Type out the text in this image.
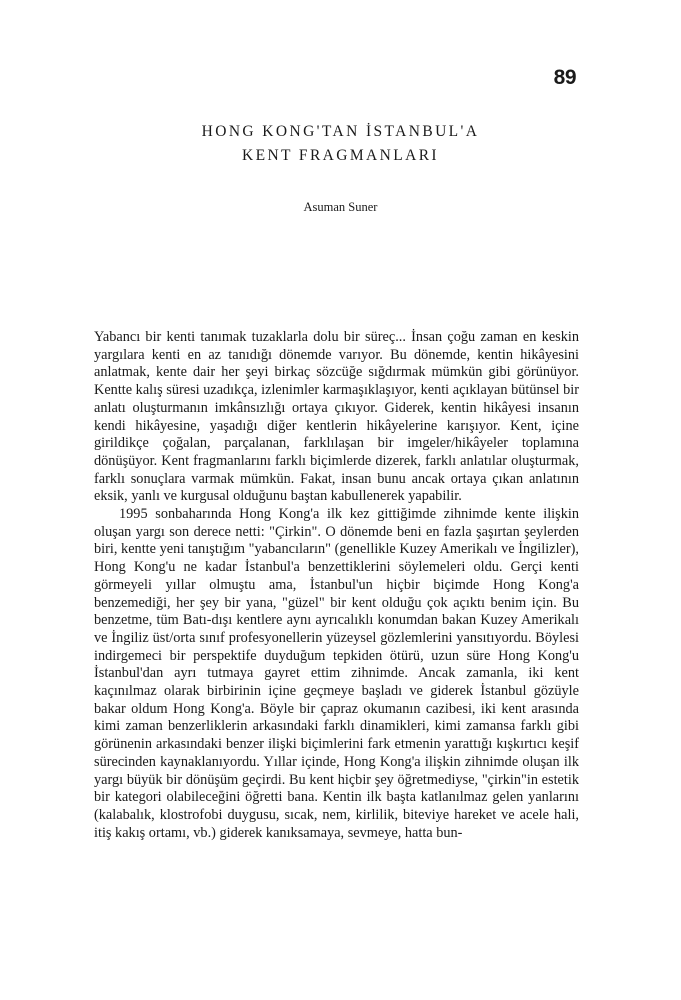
89
HONG KONG'TAN İSTANBUL'A
KENT FRAGMANLARI
Asuman Suner

Yabancı bir kenti tanımak tuzaklarla dolu bir süreç... İnsan çoğu zaman en keskin yargılara kenti en az tanıdığı dönemde varıyor. Bu dönemde, kentin hikâyesini anlatmak, kente dair her şeyi birkaç sözcüğe sığdırmak mümkün gibi görünüyor. Kentte kalış süresi uzadıkça, izlenimler karmaşıklaşıyor, kenti açıklayan bütünsel bir anlatı oluşturmanın imkânsızlığı ortaya çıkıyor. Giderek, kentin hikâyesi insanın kendi hikâyesine, yaşadığı diğer kentlerin hikâyelerine karışıyor. Kent, içine girildikçe çoğalan, parçalanan, farklılaşan bir imgeler/hikâyeler toplamına dönüşüyor. Kent fragmanlarını farklı biçimlerde dizerek, farklı anlatılar oluşturmak, farklı sonuçlara varmak mümkün. Fakat, insan bunu ancak ortaya çıkan anlatının eksik, yanlı ve kurgusal olduğunu baştan kabullenerek yapabilir.

1995 sonbaharında Hong Kong'a ilk kez gittiğimde zihnimde kente ilişkin oluşan yargı son derece netti: "Çirkin". O dönemde beni en fazla şaşırtan şeylerden biri, kentte yeni tanıştığım "yabancıların" (genellikle Kuzey Amerikalı ve İngilizler), Hong Kong'u ne kadar İstanbul'a benzettiklerini söylemeleri oldu. Gerçi kenti görmeyeli yıllar olmuştu ama, İstanbul'un hiçbir biçimde Hong Kong'a benzemediği, her şey bir yana, "güzel" bir kent olduğu çok açıktı benim için. Bu benzetme, tüm Batı-dışı kentlere aynı ayrıcalıklı konumdan bakan Kuzey Amerikalı ve İngiliz üst/orta sınıf profesyonellerin yüzeysel gözlemlerini yansıtıyordu. Böylesi indirgemeci bir perspektife duyduğum tepkiden ötürü, uzun süre Hong Kong'u İstanbul'dan ayrı tutmaya gayret ettim zihnimde. Ancak zamanla, iki kent kaçınılmaz olarak birbirinin içine geçmeye başladı ve giderek İstanbul gözüyle bakar oldum Hong Kong'a. Böyle bir çapraz okumanın cazibesi, iki kent arasında kimi zaman benzerliklerin arkasındaki farklı dinamikleri, kimi zamansa farklı gibi görünenin arkasındaki benzer ilişki biçimlerini fark etmenin yarattığı kışkırtıcı keşif sürecinden kaynaklanıyordu. Yıllar içinde, Hong Kong'a ilişkin zihnimde oluşan ilk yargı büyük bir dönüşüm geçirdi. Bu kent hiçbir şey öğretmediyse, "çirkin"in estetik bir kategori olabileceğini öğretti bana. Kentin ilk başta katlanılmaz gelen yanlarını (kalabalık, klostrofobi duygusu, sıcak, nem, kirlilik, biteviye hareket ve acele hali, itiş kakış ortamı, vb.) giderek kanıksamaya, sevmeye, hatta bun-
